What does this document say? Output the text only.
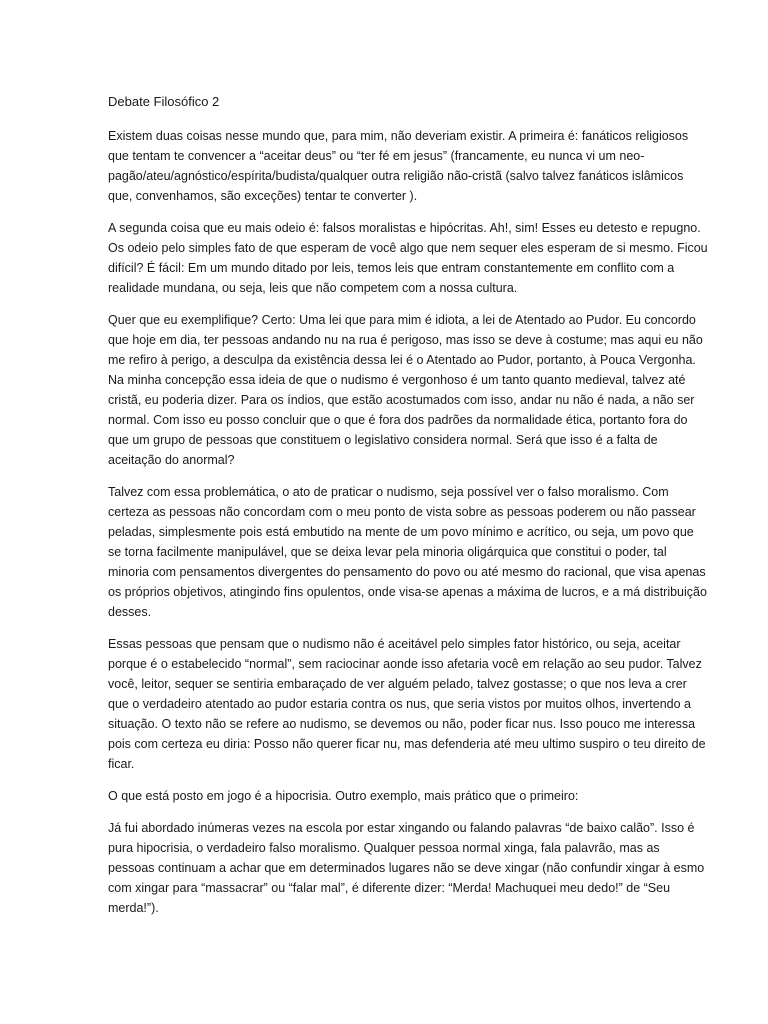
Debate Filosófico 2

Existem duas coisas nesse mundo que, para mim, não deveriam existir. A primeira é: fanáticos religiosos que tentam te convencer a “aceitar deus” ou “ter fé em jesus” (francamente, eu nunca vi um neo-pagão/ateu/agnóstico/espírita/budista/qualquer outra religião não-cristã (salvo talvez fanáticos islâmicos que, convenhamos, são exceções) tentar te converter ).

A segunda coisa que eu mais odeio é: falsos moralistas e hipócritas. Ah!, sim! Esses eu detesto e repugno. Os odeio pelo simples fato de que esperam de você algo que nem sequer eles esperam de si mesmo. Ficou difícil? É fácil: Em um mundo ditado por leis, temos leis que entram constantemente em conflito com a realidade mundana, ou seja, leis que não competem com a nossa cultura.

Quer que eu exemplifique? Certo: Uma lei que para mim é idiota, a lei de Atentado ao Pudor. Eu concordo que hoje em dia, ter pessoas andando nu na rua é perigoso, mas isso se deve à costume; mas aqui eu não me refiro à perigo, a desculpa da existência dessa lei é o Atentado ao Pudor, portanto, à Pouca Vergonha. Na minha concepção essa ideia de que o nudismo é vergonhoso é um tanto quanto medieval, talvez até cristã, eu poderia dizer. Para os índios, que estão acostumados com isso, andar nu não é nada, a não ser normal. Com isso eu posso concluir que o que é fora dos padrões da normalidade ética, portanto fora do que um grupo de pessoas que constituem o legislativo considera normal. Será que isso é a falta de aceitação do anormal?

Talvez com essa problemática, o ato de praticar o nudismo, seja possível ver o falso moralismo. Com certeza as pessoas não concordam com o meu ponto de vista sobre as pessoas poderem ou não passear peladas, simplesmente pois está embutido na mente de um povo mínimo e acrítico, ou seja, um povo que se torna facilmente manipulável, que se deixa levar pela minoria oligárquica que constitui o poder, tal minoria com pensamentos divergentes do pensamento do povo ou até mesmo do racional, que visa apenas os próprios objetivos, atingindo fins opulentos, onde visa-se apenas a máxima de lucros, e a má distribuição desses.

Essas pessoas que pensam que o nudismo não é aceitável pelo simples fator histórico, ou seja, aceitar porque é o estabelecido “normal”, sem raciocinar aonde isso afetaria você em relação ao seu pudor. Talvez você, leitor, sequer se sentiria embaraçado de ver alguém pelado, talvez gostasse; o que nos leva a crer que o verdadeiro atentado ao pudor estaria contra os nus, que seria vistos por muitos olhos, invertendo a situação. O texto não se refere ao nudismo, se devemos ou não, poder ficar nus. Isso pouco me interessa pois com certeza eu diria: Posso não querer ficar nu, mas defenderia até meu ultimo suspiro o teu direito de ficar.

O que está posto em jogo é a hipocrisia. Outro exemplo, mais prático que o primeiro:

Já fui abordado inúmeras vezes na escola por estar xingando ou falando palavras “de baixo calão”. Isso é pura hipocrisia, o verdadeiro falso moralismo. Qualquer pessoa normal xinga, fala palavrão, mas as pessoas continuam a achar que em determinados lugares não se deve xingar (não confundir xingar à esmo com xingar para “massacrar” ou “falar mal”, é diferente dizer: “Merda! Machuquei meu dedo!” de “Seu merda!”).
